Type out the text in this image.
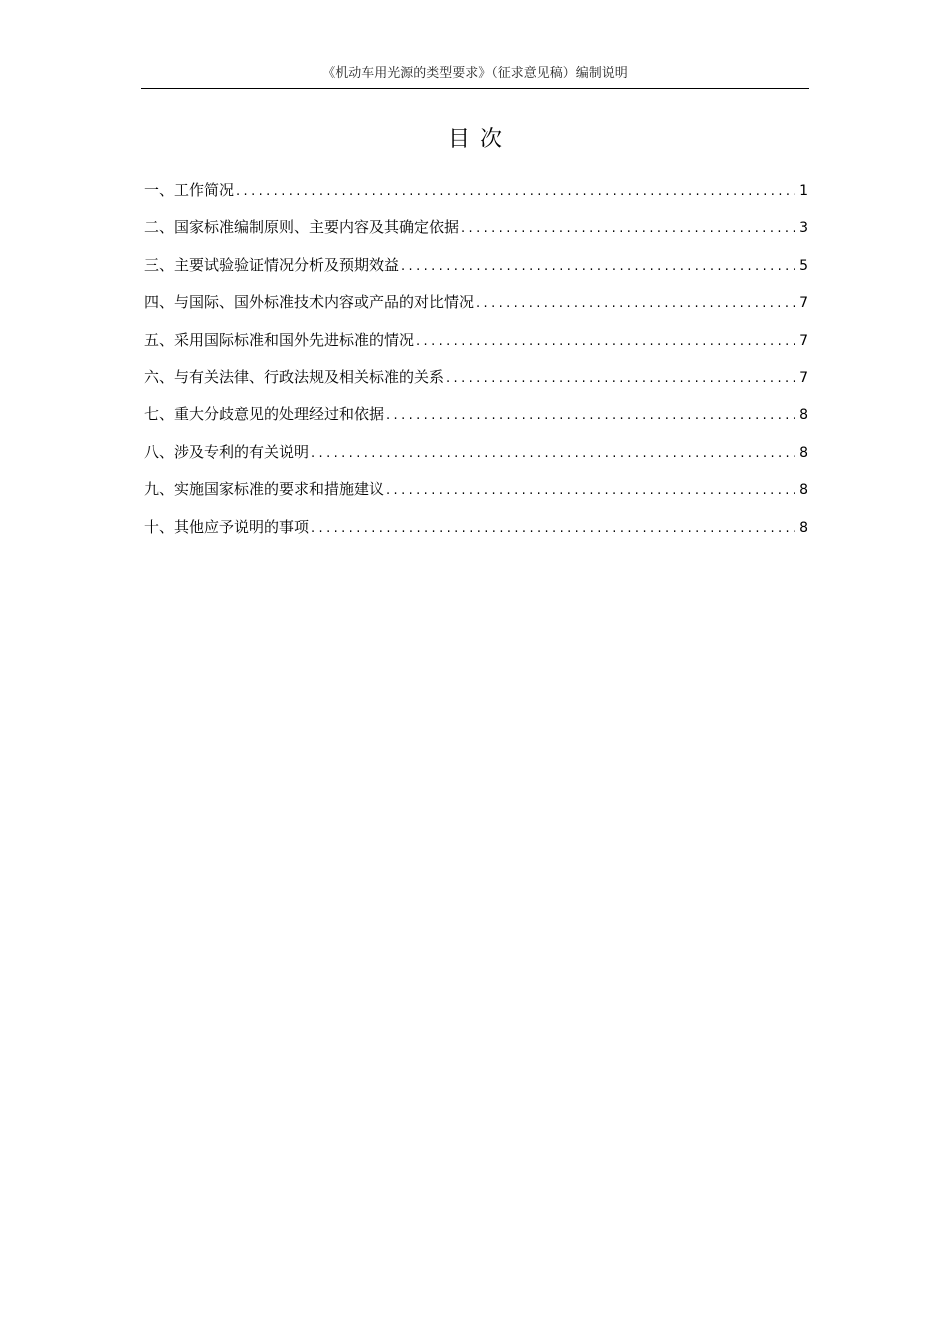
《机动车用光源的类型要求》（征求意见稿）编制说明
目次
一、工作简况 .....	1
二、国家标准编制原则、主要内容及其确定依据 .....	3
三、主要试验验证情况分析及预期效益 .....	5
四、与国际、国外标准技术内容或产品的对比情况 .....	7
五、采用国际标准和国外先进标准的情况 .....	7
六、与有关法律、行政法规及相关标准的关系 .....	7
七、重大分歧意见的处理经过和依据 .....	8
八、涉及专利的有关说明 .....	8
九、实施国家标准的要求和措施建议 .....	8
十、其他应予说明的事项 .....	8
